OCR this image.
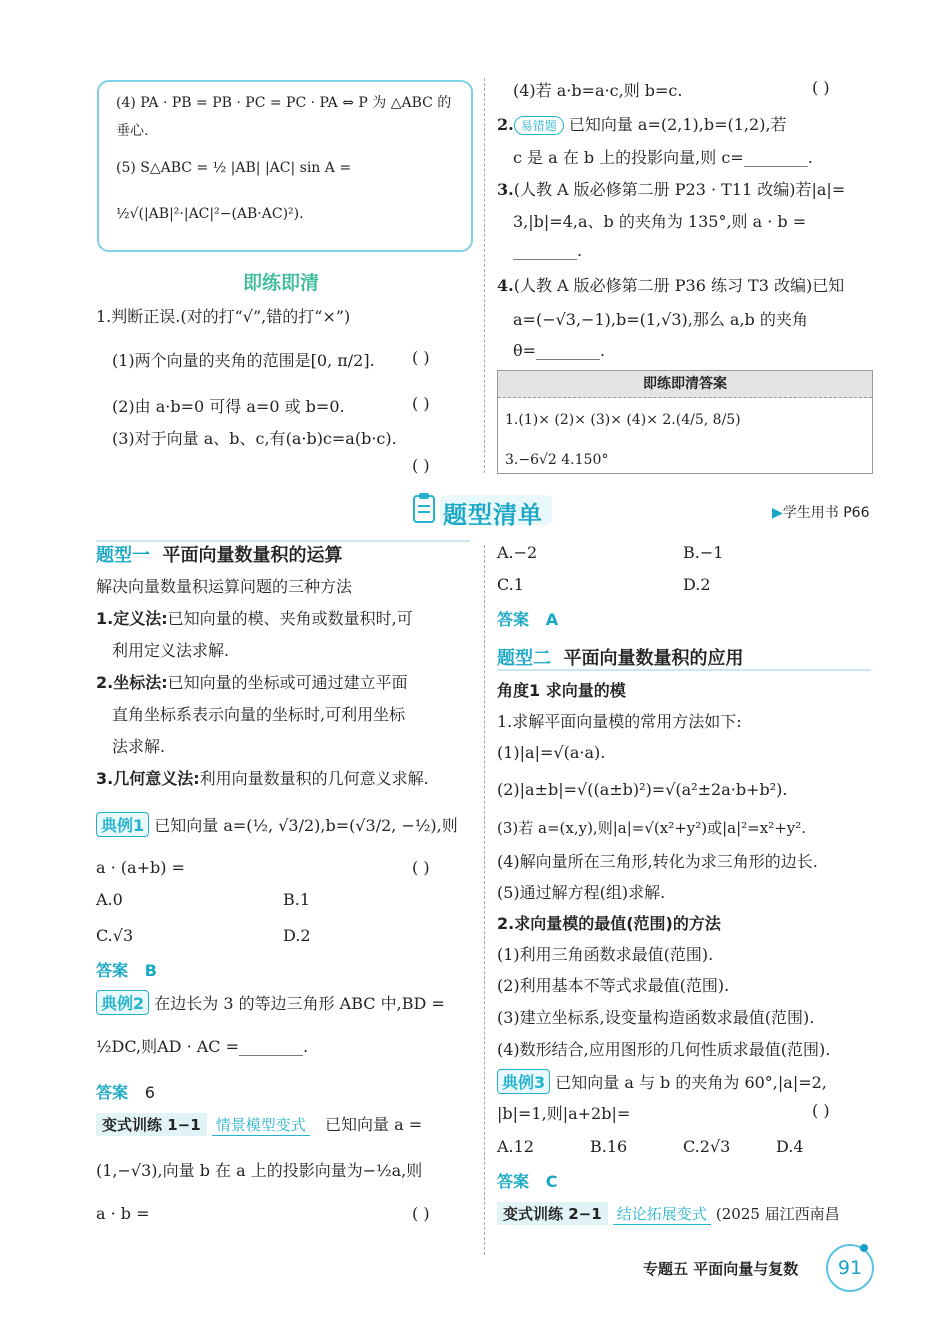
(4) PA · PB = PB · PC = PC · PA ⇔ P 为 △ABC 的
垂心.
(5) S△ABC = ½ |AB| |AC| sin A =
½√(|AB|²·|AC|²−(AB·AC)²).
即练即清
1.判断正误.(对的打“√”,错的打“×”)
(1)两个向量的夹角的范围是[0, π/2]. ( )
(2)由 a·b=0 可得 a=0 或 b=0.	( )
(3)对于向量 a、b、c,有(a·b)c=a(b·c).
( )
(4)若 a·b=a·c,则 b=c.	( )
2. 易错题 已知向量 a=(2,1),b=(1,2),若
c 是 a 在 b 上的投影向量,则 c=________.
3.(人教 A 版必修第二册 P23 · T11 改编)若|a|=
3,|b|=4,a、b 的夹角为 135°,则 a · b =
________.
4.(人教 A 版必修第二册 P36 练习 T3 改编)已知
a=(−√3,−1),b=(1,√3),那么 a,b 的夹角
θ=________.
即练即清答案
1.(1)× (2)× (3)× (4)× 2.(4/5, 8/5)
3.−6√2 4.150°
题型清单	▶学生用书 P66
题型一 平面向量数量积的运算
解决向量数量积运算问题的三种方法
1.定义法:已知向量的模、夹角或数量积时,可
利用定义法求解.
2.坐标法:已知向量的坐标或可通过建立平面
直角坐标系表示向量的坐标时,可利用坐标
法求解.
3.几何意义法:利用向量数量积的几何意义求解.
典例1 已知向量 a=(½, √3/2),b=(√3/2, −½),则
a · (a+b) =	( )
A.0	B.1
C.√3	D.2
答案 B
典例2 在边长为 3 的等边三角形 ABC 中,BD =
½DC,则AD · AC =________.
答案 6
变式训练 1−1 情景模型变式 已知向量 a =
(1,−√3),向量 b 在 a 上的投影向量为−½a,则
a · b =	( )
A.−2	B.−1
C.1	D.2
答案 A
题型二 平面向量数量积的应用
角度1 求向量的模
1.求解平面向量模的常用方法如下:
(1)|a|=√(a·a).
(2)|a±b|=√((a±b)²)=√(a²±2a·b+b²).
(3)若 a=(x,y),则|a|=√(x²+y²)或|a|²=x²+y².
(4)解向量所在三角形,转化为求三角形的边长.
(5)通过解方程(组)求解.
2.求向量模的最值(范围)的方法
(1)利用三角函数求最值(范围).
(2)利用基本不等式求最值(范围).
(3)建立坐标系,设变量构造函数求最值(范围).
(4)数形结合,应用图形的几何性质求最值(范围).
典例3 已知向量 a 与 b 的夹角为 60°,|a|=2,
|b|=1,则|a+2b|=	( )
A.12	B.16	C.2√3	D.4
答案 C
变式训练 2−1 结论拓展变式 (2025 届江西南昌
专题五 平面向量与复数	91
